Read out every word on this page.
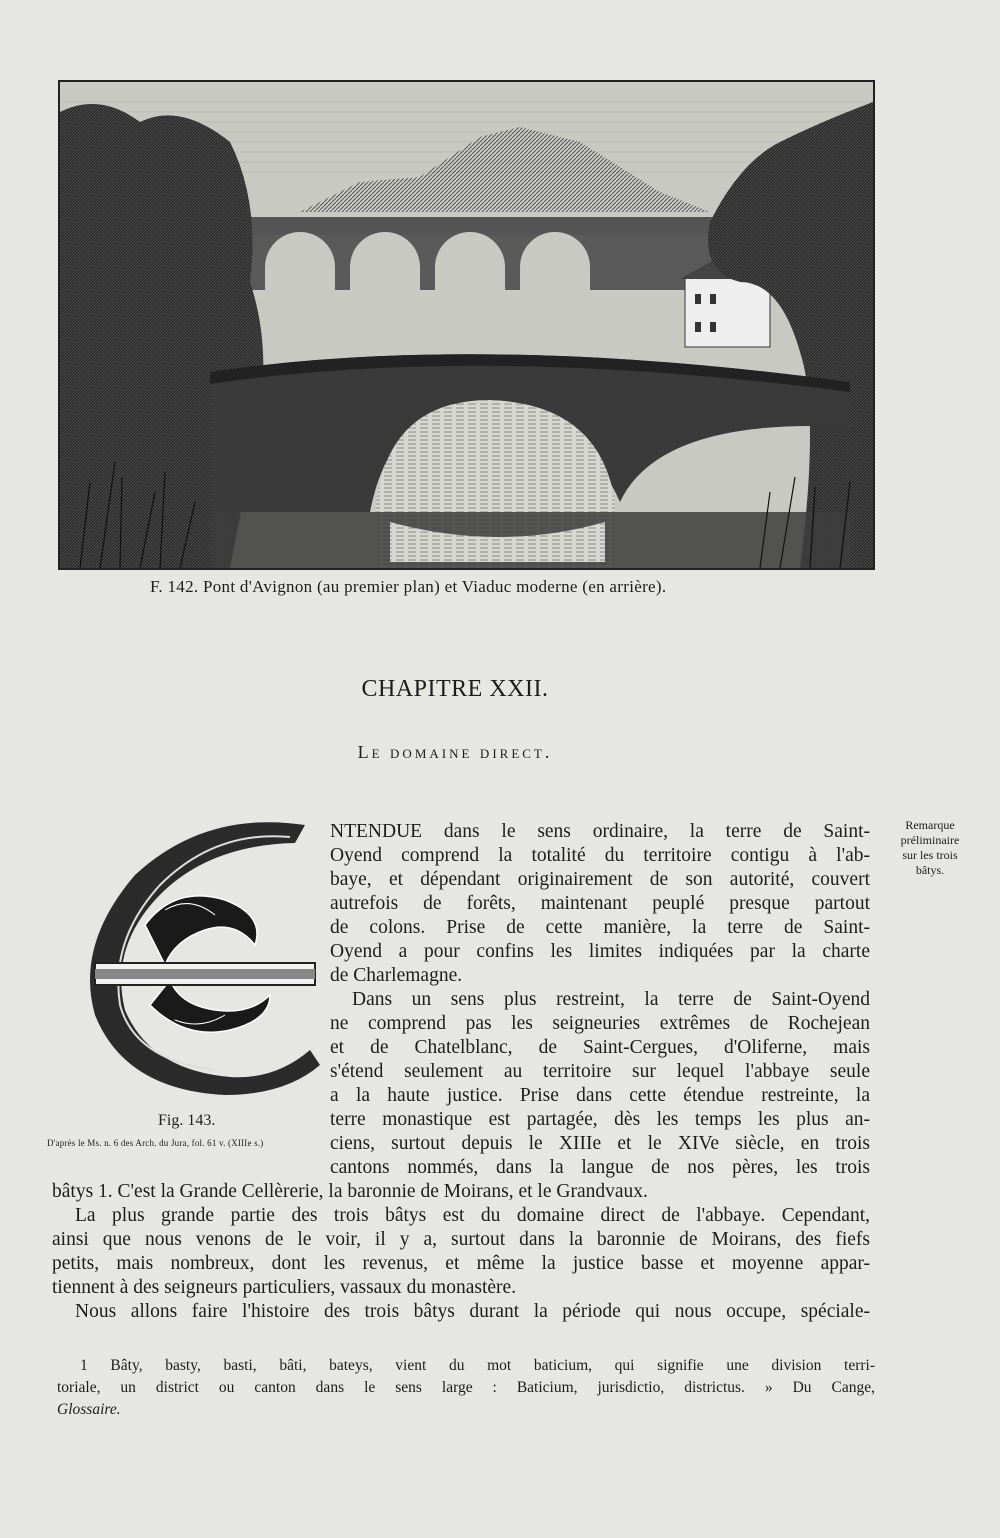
F. 142. Pont d'Avignon (au premier plan) et Viaduc moderne (en arrière).
CHAPITRE XXII.
Le domaine direct.
Fig. 143.
D'après le Ms. n. 6 des Arch. du Jura, fol. 61 v. (XIIIe s.)
Remarque
préliminaire
sur les trois
bâtys.
NTENDUE dans le sens ordinaire, la terre de Saint-
Oyend comprend la totalité du territoire contigu à l'ab-
baye, et dépendant originairement de son autorité, couvert
autrefois de forêts, maintenant peuplé presque partout
de colons. Prise de cette manière, la terre de Saint-
Oyend a pour confins les limites indiquées par la charte
de Charlemagne.
Dans un sens plus restreint, la terre de Saint-Oyend
ne comprend pas les seigneuries extrêmes de Rochejean
et de Chatelblanc, de Saint-Cergues, d'Oliferne, mais
s'étend seulement au territoire sur lequel l'abbaye seule
a la haute justice. Prise dans cette étendue restreinte, la
terre monastique est partagée, dès les temps les plus an-
ciens, surtout depuis le XIIIe et le XIVe siècle, en trois
cantons nommés, dans la langue de nos pères, les trois
bâtys 1. C'est la Grande Cellèrerie, la baronnie de Moirans, et le Grandvaux.
La plus grande partie des trois bâtys est du domaine direct de l'abbaye. Cependant,
ainsi que nous venons de le voir, il y a, surtout dans la baronnie de Moirans, des fiefs
petits, mais nombreux, dont les revenus, et même la justice basse et moyenne appar-
tiennent à des seigneurs particuliers, vassaux du monastère.
Nous allons faire l'histoire des trois bâtys durant la période qui nous occupe, spéciale-
1 Bâty, basty, basti, bâti, bateys, vient du mot baticium, qui signifie une division terri-
toriale, un district ou canton dans le sens large : Baticium, jurisdictio, districtus. » Du Cange,
Glossaire.
